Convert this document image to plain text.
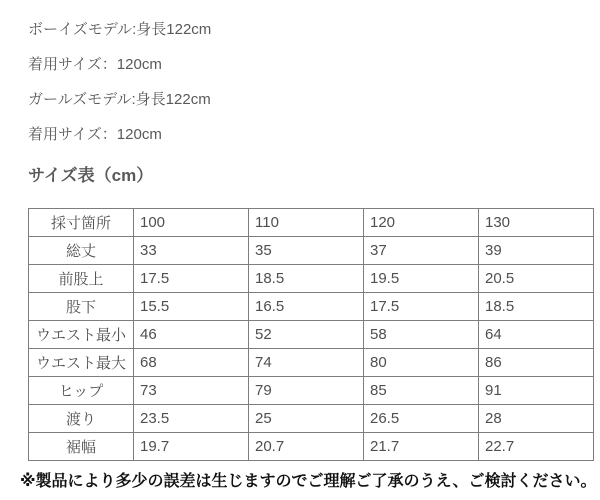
ボーイズモデル:身長122cm

着用サイズ：120cm

ガールズモデル:身長122cm

着用サイズ：120cm

サイズ表（cm）
採寸箇所	100	110	120	130
総丈	33	35	37	39
前股上	17.5	18.5	19.5	20.5
股下	15.5	16.5	17.5	18.5
ウエスト最小	46	52	58	64
ウエスト最大	68	74	80	86
ヒップ	73	79	85	91
渡り	23.5	25	26.5	28
裾幅	19.7	20.7	21.7	22.7

※製品により多少の誤差は生じますのでご理解ご了承のうえ、ご検討ください。
